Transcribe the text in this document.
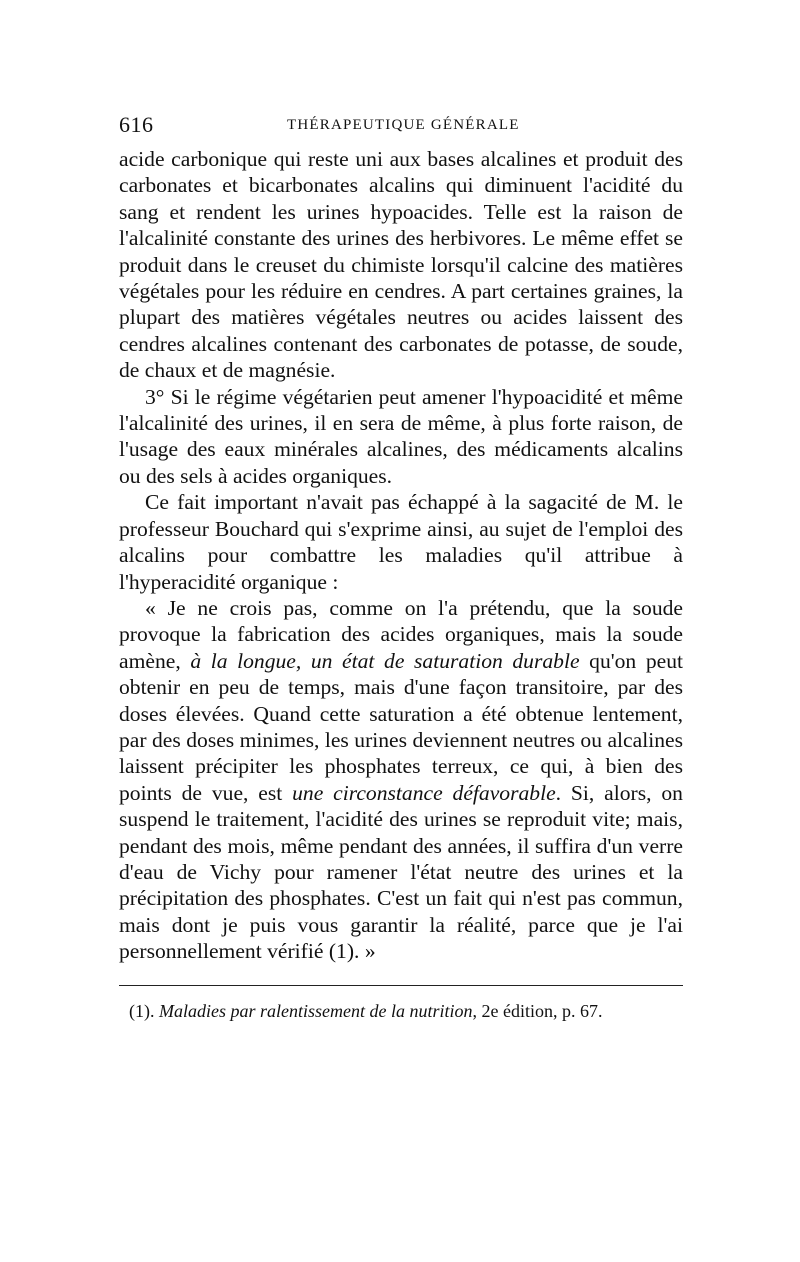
616	THÉRAPEUTIQUE GÉNÉRALE

acide carbonique qui reste uni aux bases alcalines et produit des carbonates et bicarbonates alcalins qui diminuent l'acidité du sang et rendent les urines hypoacides. Telle est la raison de l'alcalinité constante des urines des herbivores. Le même effet se produit dans le creuset du chimiste lorsqu'il calcine des matières végétales pour les réduire en cendres. A part certaines graines, la plupart des matières végétales neutres ou acides laissent des cendres alcalines contenant des carbonates de potasse, de soude, de chaux et de magnésie.

3° Si le régime végétarien peut amener l'hypoacidité et même l'alcalinité des urines, il en sera de même, à plus forte raison, de l'usage des eaux minérales alcalines, des médicaments alcalins ou des sels à acides organiques.

Ce fait important n'avait pas échappé à la sagacité de M. le professeur Bouchard qui s'exprime ainsi, au sujet de l'emploi des alcalins pour combattre les maladies qu'il attribue à l'hyperacidité organique :

« Je ne crois pas, comme on l'a prétendu, que la soude provoque la fabrication des acides organiques, mais la soude amène, à la longue, un état de saturation durable qu'on peut obtenir en peu de temps, mais d'une façon transitoire, par des doses élevées. Quand cette saturation a été obtenue lentement, par des doses minimes, les urines deviennent neutres ou alcalines laissent précipiter les phosphates terreux, ce qui, à bien des points de vue, est une circonstance défavorable. Si, alors, on suspend le traitement, l'acidité des urines se reproduit vite; mais, pendant des mois, même pendant des années, il suffira d'un verre d'eau de Vichy pour ramener l'état neutre des urines et la précipitation des phosphates. C'est un fait qui n'est pas commun, mais dont je puis vous garantir la réalité, parce que je l'ai personnellement vérifié (1). »

(1). Maladies par ralentissement de la nutrition, 2e édition, p. 67.
